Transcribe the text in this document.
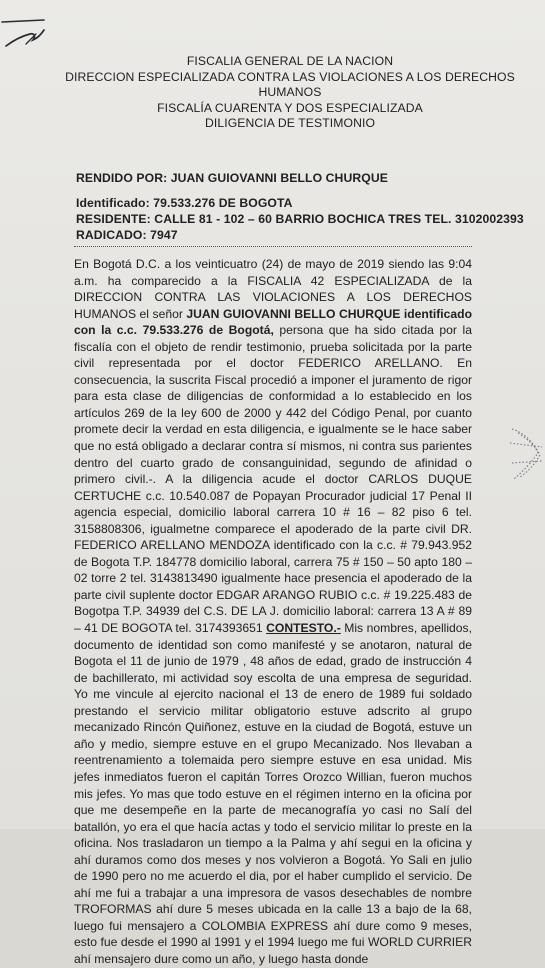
FISCALIA GENERAL DE LA NACION
DIRECCION ESPECIALIZADA CONTRA LAS VIOLACIONES A LOS DERECHOS
HUMANOS
FISCALÍA CUARENTA Y DOS ESPECIALIZADA
DILIGENCIA DE TESTIMONIO
RENDIDO POR: JUAN GUIOVANNI BELLO CHURQUE
Identificado: 79.533.276 DE BOGOTA
RESIDENTE: CALLE 81 - 102 – 60 BARRIO BOCHICA TRES TEL. 3102002393
RADICADO: 7947
En Bogotá D.C. a los veinticuatro (24) de mayo de 2019 siendo las 9:04 a.m. ha comparecido a la FISCALIA 42 ESPECIALIZADA de la DIRECCION CONTRA LAS VIOLACIONES A LOS DERECHOS HUMANOS el señor JUAN GUIOVANNI BELLO CHURQUE identificado con la c.c. 79.533.276 de Bogotá, persona que ha sido citada por la fiscalía con el objeto de rendir testimonio, prueba solicitada por la parte civil representada por el doctor FEDERICO ARELLANO. En consecuencia, la suscrita Fiscal procedió a imponer el juramento de rigor para esta clase de diligencias de conformidad a lo establecido en los artículos 269 de la ley 600 de 2000 y 442 del Código Penal, por cuanto promete decir la verdad en esta diligencia, e igualmente se le hace saber que no está obligado a declarar contra sí mismos, ni contra sus parientes dentro del cuarto grado de consanguinidad, segundo de afinidad o primero civil.-. A la diligencia acude el doctor CARLOS DUQUE CERTUCHE c.c. 10.540.087 de Popayan Procurador judicial 17 Penal II agencia especial, domicilio laboral carrera 10 # 16 – 82 piso 6 tel. 3158808306, igualmetne comparece el apoderado de la parte civil DR. FEDERICO ARELLANO MENDOZA identificado con la c.c. # 79.943.952 de Bogota T.P. 184778 domicilio laboral, carrera 75 # 150 – 50 apto 180 – 02 torre 2 tel. 3143813490 igualmente hace presencia el apoderado de la parte civil suplente doctor EDGAR ARANGO RUBIO c.c. # 19.225.483 de Bogotpa T.P. 34939 del C.S. DE LA J. domicilio laboral: carrera 13 A # 89 – 41 DE BOGOTA tel. 3174393651 CONTESTO.- Mis nombres, apellidos, documento de identidad son como manifesté y se anotaron, natural de Bogota el 11 de junio de 1979 , 48 años de edad, grado de instrucción 4 de bachillerato, mi actividad soy escolta de una empresa de seguridad. Yo me vincule al ejercito nacional el 13 de enero de 1989 fui soldado prestando el servicio militar obligatorio estuve adscrito al grupo mecanizado Rincón Quiñonez, estuve en la ciudad de Bogotá, estuve un año y medio, siempre estuve en el grupo Mecanizado. Nos llevaban a reentrenamiento a tolemaida pero siempre estuve en esa unidad. Mis jefes inmediatos fueron el capitán Torres Orozco Willian, fueron muchos mis jefes. Yo mas que todo estuve en el régimen interno en la oficina por que me desempeñe en la parte de mecanografía yo casi no Salí del batallón, yo era el que hacía actas y todo el servicio militar lo preste en la oficina. Nos trasladaron un tiempo a la Palma y ahí segui en la oficina y ahí duramos como dos meses y nos volvieron a Bogotá. Yo Sali en julio de 1990 pero no me acuerdo el dia, por el haber cumplido el servicio. De ahí me fui a trabajar a una impresora de vasos desechables de nombre TROFORMAS ahí dure 5 meses ubicada en la calle 13 a bajo de la 68, luego fui mensajero a COLOMBIA EXPRESS ahí dure como 9 meses, esto fue desde el 1990 al 1991 y el 1994 luego me fui WORLD CURRIER ahí mensajero dure como un año, y luego hasta donde
